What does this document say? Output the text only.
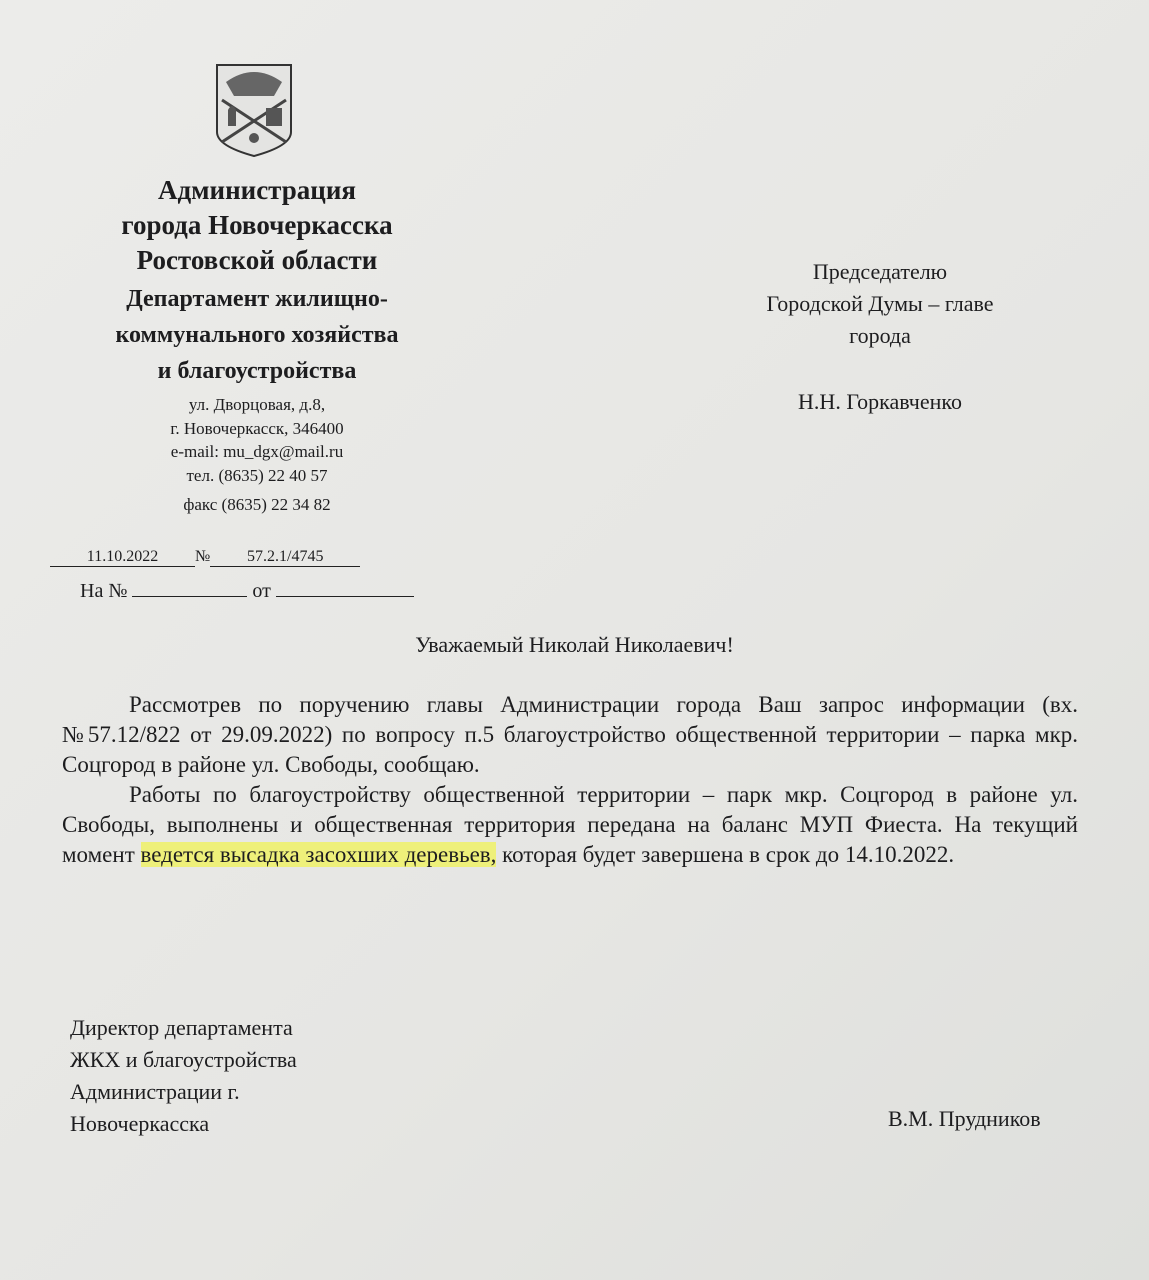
Администрация
города Новочеркасска
Ростовской области
Департамент жилищно-
коммунального хозяйства
и благоустройства
ул. Дворцовая, д.8,
г. Новочеркасск, 346400
e-mail: mu_dgx@mail.ru
тел. (8635) 22 40 57
факс (8635) 22 34 82
11.10.2022 № 57.2.1/4745
На №	от
Председателю
Городской Думы – главе
города
Н.Н. Горкавченко
Уважаемый Николай Николаевич!

Рассмотрев по поручению главы Администрации города Ваш запрос информации (вх. №57.12/822 от 29.09.2022) по вопросу п.5 благоустройство общественной территории – парка мкр. Соцгород в районе ул. Свободы, сообщаю.

Работы по благоустройству общественной территории – парк мкр. Соцгород в районе ул. Свободы, выполнены и общественная территория передана на баланс МУП Фиеста. На текущий момент ведется высадка засохших деревьев, которая будет завершена в срок до 14.10.2022.

Директор департамента
ЖКХ и благоустройства
Администрации г.
Новочеркасска	В.М. Прудников
